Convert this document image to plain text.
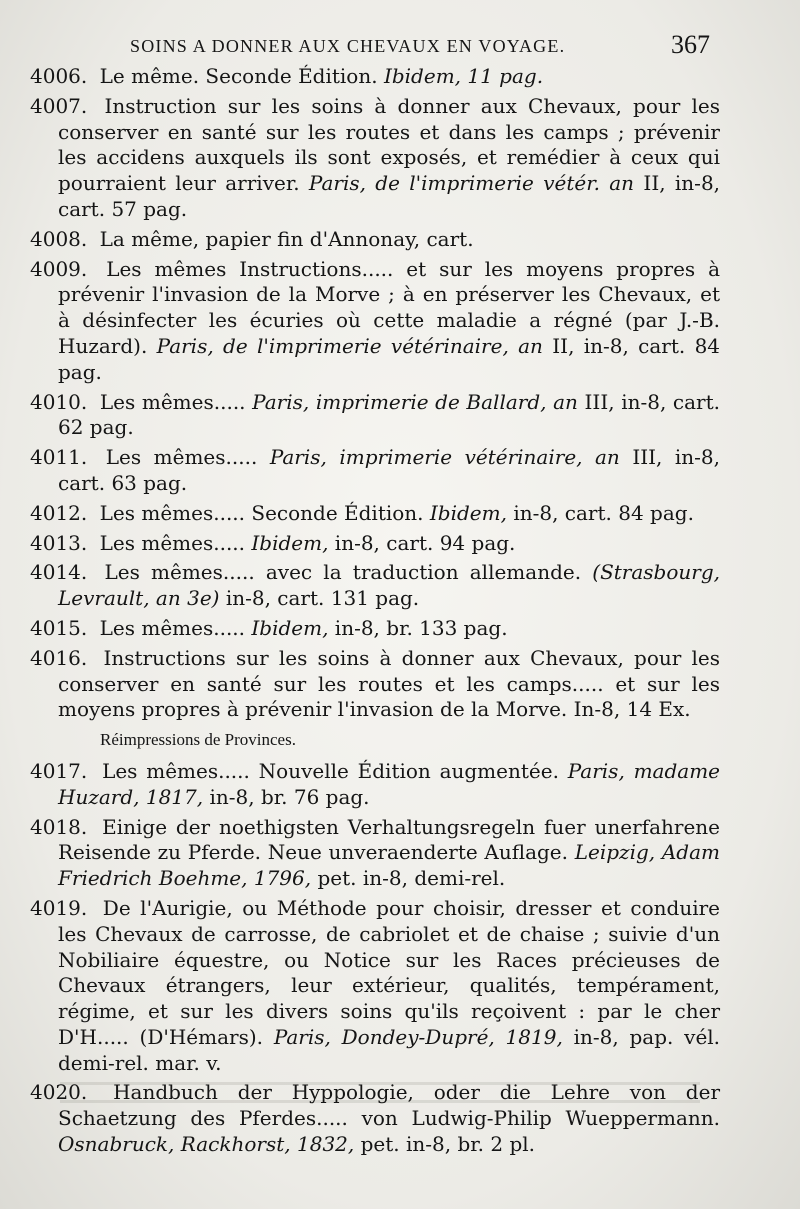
SOINS A DONNER AUX CHEVAUX EN VOYAGE.	367
4006. Le même. Seconde Édition. Ibidem, 11 pag.
4007. Instruction sur les soins à donner aux Chevaux, pour les conserver en santé sur les routes et dans les camps ; prévenir les accidens auxquels ils sont exposés, et remédier à ceux qui pourraient leur arriver. Paris, de l'imprimerie vétér. an II, in-8, cart. 57 pag.
4008. La même, papier fin d'Annonay, cart.
4009. Les mêmes Instructions..... et sur les moyens propres à prévenir l'invasion de la Morve ; à en préserver les Chevaux, et à désinfecter les écuries où cette maladie a régné (par J.-B. Huzard). Paris, de l'imprimerie vétérinaire, an II, in-8, cart. 84 pag.
4010. Les mêmes..... Paris, imprimerie de Ballard, an III, in-8, cart. 62 pag.
4011. Les mêmes..... Paris, imprimerie vétérinaire, an III, in-8, cart. 63 pag.
4012. Les mêmes..... Seconde Édition. Ibidem, in-8, cart. 84 pag.
4013. Les mêmes..... Ibidem, in-8, cart. 94 pag.
4014. Les mêmes..... avec la traduction allemande. (Strasbourg, Levrault, an 3e) in-8, cart. 131 pag.
4015. Les mêmes..... Ibidem, in-8, br. 133 pag.
4016. Instructions sur les soins à donner aux Chevaux, pour les conserver en santé sur les routes et les camps..... et sur les moyens propres à prévenir l'invasion de la Morve. In-8, 14 Ex.
Réimpressions de Provinces.
4017. Les mêmes..... Nouvelle Édition augmentée. Paris, madame Huzard, 1817, in-8, br. 76 pag.
4018. Einige der noethigsten Verhaltungsregeln fuer unerfahrene Reisende zu Pferde. Neue unveraenderte Auflage. Leipzig, Adam Friedrich Boehme, 1796, pet. in-8, demi-rel.
4019. De l'Aurigie, ou Méthode pour choisir, dresser et conduire les Chevaux de carrosse, de cabriolet et de chaise ; suivie d'un Nobiliaire équestre, ou Notice sur les Races précieuses de Chevaux étrangers, leur extérieur, qualités, tempérament, régime, et sur les divers soins qu'ils reçoivent : par le cher D'H..... (D'Hémars). Paris, Dondey-Dupré, 1819, in-8, pap. vél. demi-rel. mar. v.
4020. Handbuch der Hyppologie, oder die Lehre von der Schaetzung des Pferdes..... von Ludwig-Philip Wueppermann. Osnabruck, Rackhorst, 1832, pet. in-8, br. 2 pl.
